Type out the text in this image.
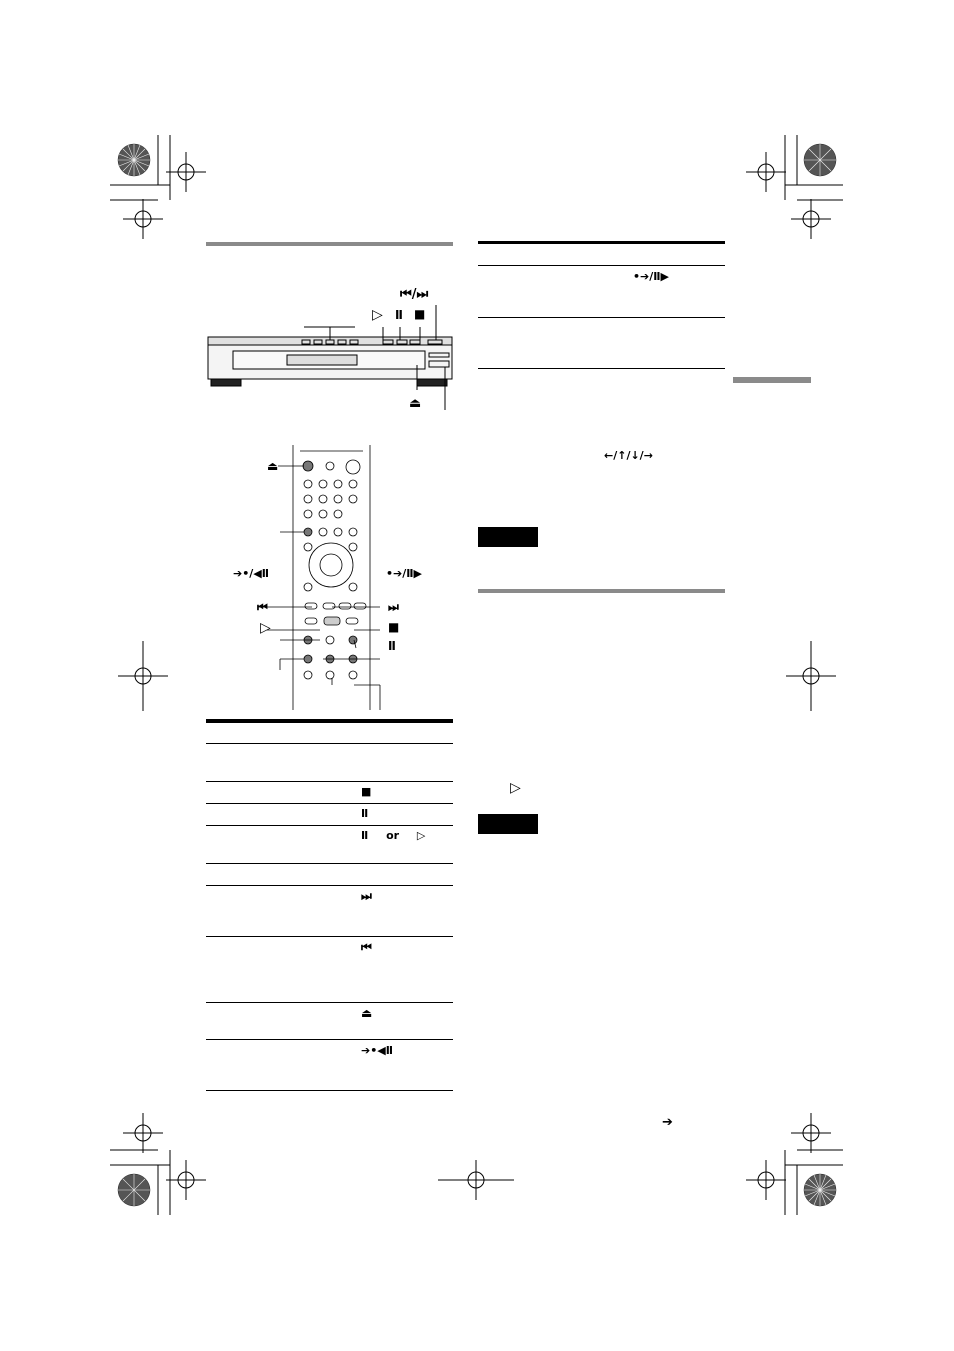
⏮/⏭
▷ Ⅱ ■
⏏
⏏
➔•/◀Ⅱ	•➔/Ⅱ▶
⏮	⏭
▷	■
Ⅱ
■
Ⅱ
Ⅱ or ▷
⏭
⏮
⏏
➔•◀Ⅱ
•➔/Ⅱ▶
←/↑/↓/→
▷
➔
